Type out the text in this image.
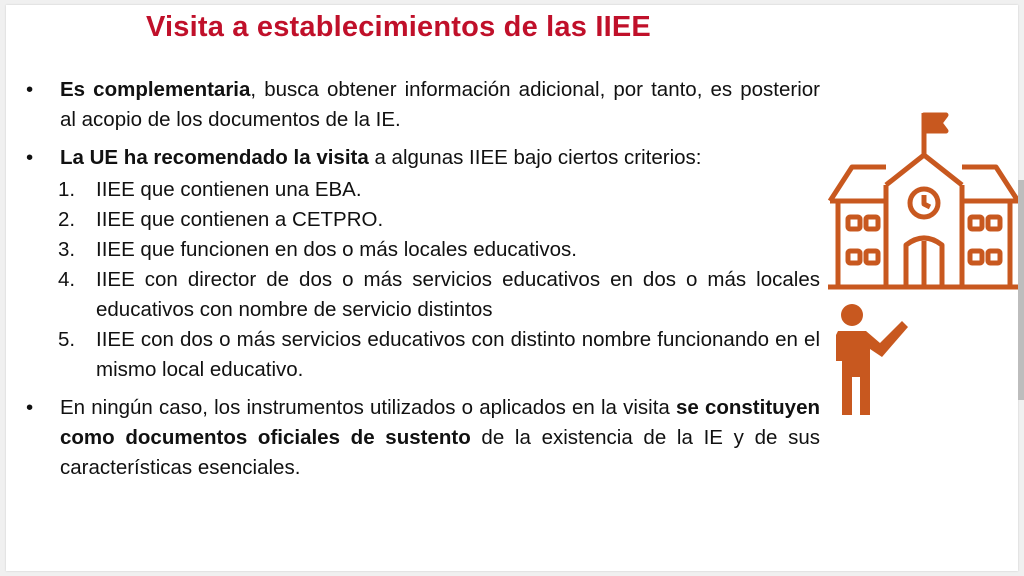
Visita a establecimientos de las IIEE
•	Es complementaria, busca obtener información adicional, por tanto, es posterior al acopio de los documentos de la IE.
•	La UE ha recomendado la visita a algunas IIEE bajo ciertos criterios:
1.	IIEE que contienen una EBA.
2.	IIEE que contienen a CETPRO.
3.	IIEE que funcionen en dos o más locales educativos.
4.	IIEE con director de dos o más servicios educativos en dos o más locales educativos con nombre de servicio distintos
5.	IIEE con dos o más servicios educativos con distinto nombre funcionando en el mismo local educativo.
•	En ningún caso, los instrumentos utilizados o aplicados en la visita se constituyen como documentos oficiales de sustento de la existencia de la IE y de sus características esenciales.
